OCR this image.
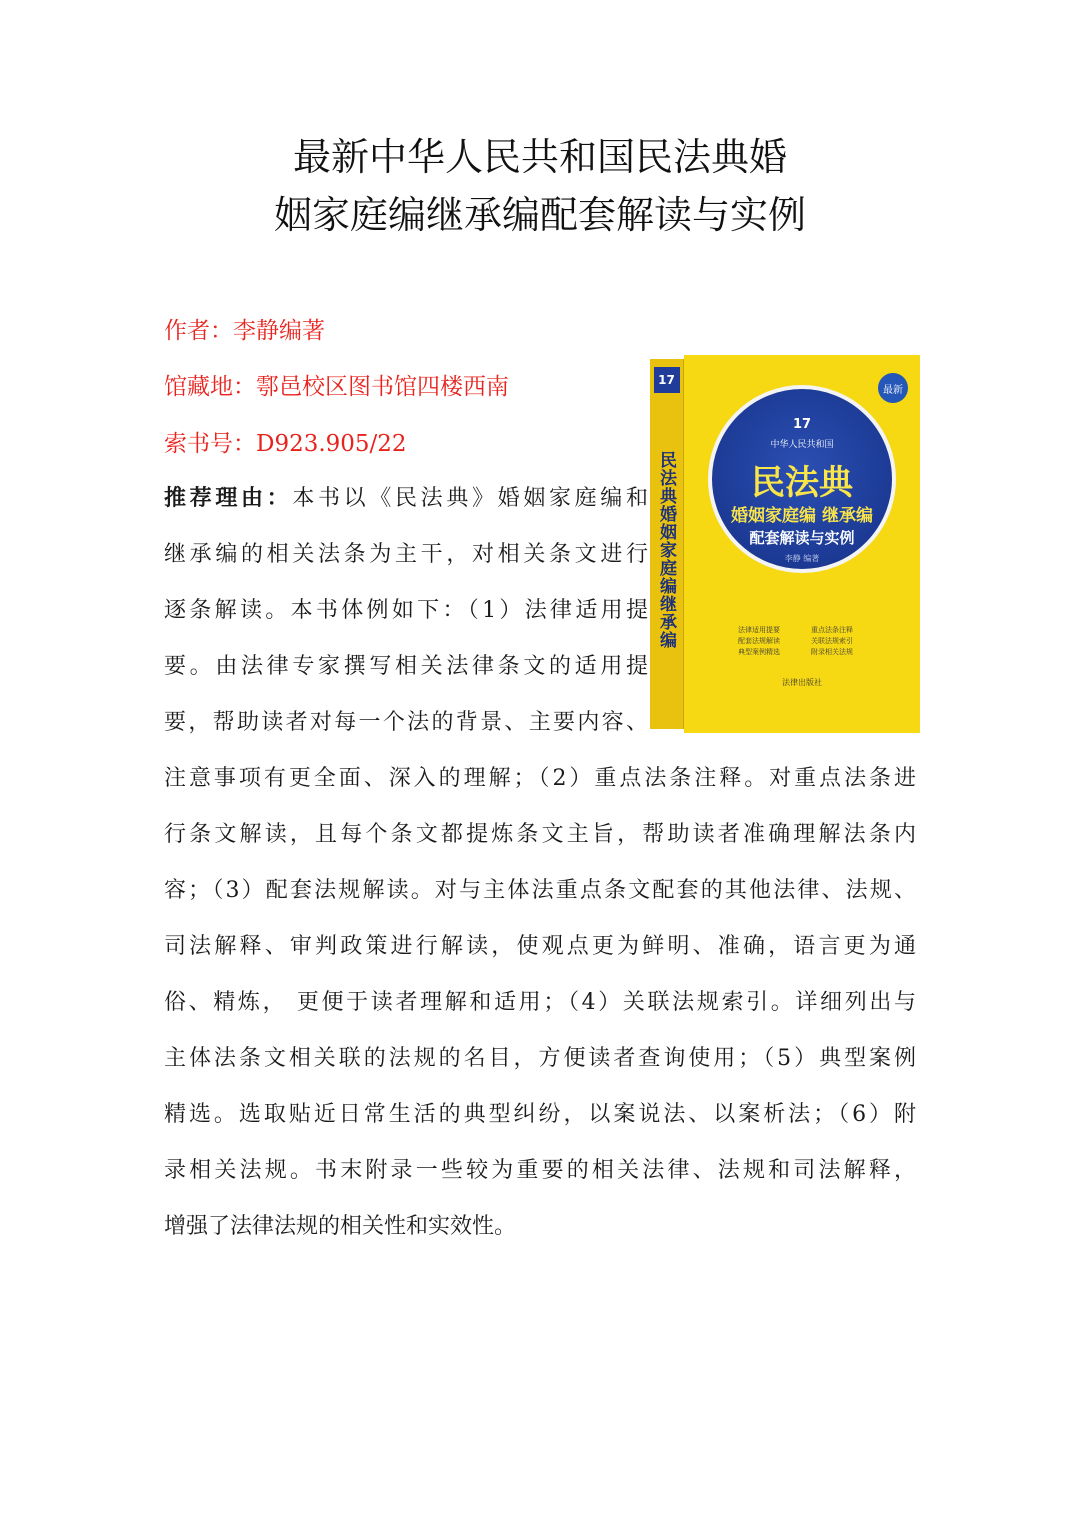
最新中华人民共和国民法典婚
姻家庭编继承编配套解读与实例
作者：李静编著
馆藏地：鄠邑校区图书馆四楼西南
索书号：D923.905/22
推荐理由：本书以《民法典》婚姻家庭编和
继承编的相关法条为主干，对相关条文进行
逐条解读。本书体例如下：（1）法律适用提
要。由法律专家撰写相关法律条文的适用提
要，帮助读者对每一个法的背景、主要内容、
注意事项有更全面、深入的理解；（2）重点法条注释。对重点法条进
行条文解读，且每个条文都提炼条文主旨，帮助读者准确理解法条内
容；（3）配套法规解读。对与主体法重点条文配套的其他法律、法规、
司法解释、审判政策进行解读，使观点更为鲜明、准确，语言更为通
俗、精炼， 更便于读者理解和适用；（4）关联法规索引。详细列出与
主体法条文相关联的法规的名目，方便读者查询使用；（5）典型案例
精选。选取贴近日常生活的典型纠纷，以案说法、以案析法；（6）附
录相关法规。书末附录一些较为重要的相关法律、法规和司法解释，
增强了法律法规的相关性和实效性。
17
民法典婚姻家庭编继承编
最新
17
中华人民共和国
民法典
婚姻家庭编 继承编
配套解读与实例
李静 编著
法律适用提要	重点法条注释
配套法规解读	关联法规索引
典型案例精选	附录相关法规
法律出版社
